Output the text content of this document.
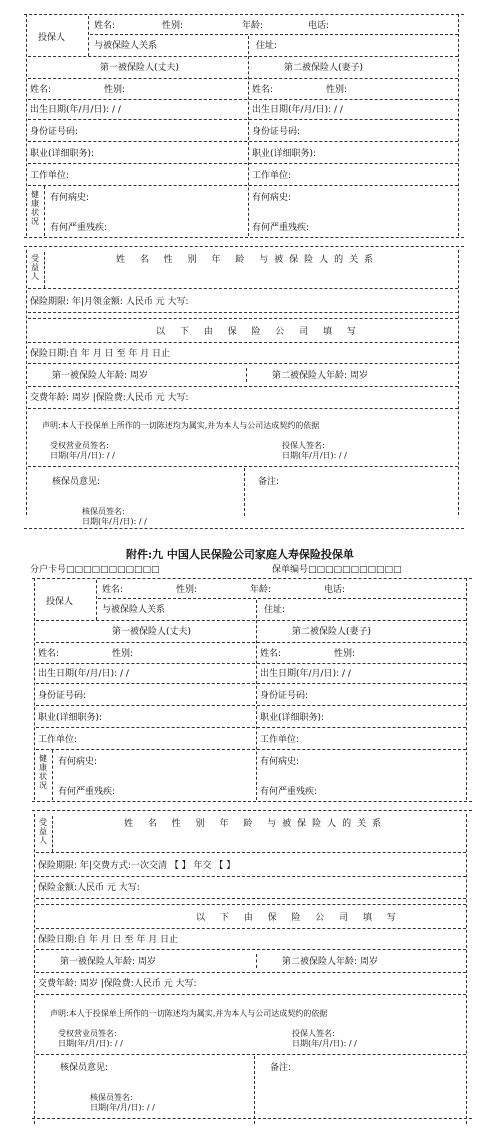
投保人
姓名:	性别:	年龄:	电话:
与被保险人关系	住址:
第一被保险人(丈夫)	第二被保险人(妻子)
姓名:	性别:	姓名:	性别:
出生日期(年/月/日): / /	出生日期(年/月/日): / /
身份证号码:	身份证号码:
职业(详细职务):	职业(详细职务):
工作单位:	工作单位:
健康状况
有何病史:	有何病史:
有何严重残疾:	有何严重残疾:
受益人
姓 名 性 别 年 龄 与被保险人的关系
保险期限: 年|月领金额: 人民币 元 大写:
以 下 由 保 险 公 司 填 写
保险日期:自 年 月 日 至 年 月 日止
第一被保险人年龄: 周岁	第二被保险人年龄: 周岁
交费年龄: 周岁 |保险费:人民币 元 大写:
声明:本人于投保单上所作的一切陈述均为属实,并为本人与公司达成契约的依据
受权营业员签名:
日期(年/月/日): / /
投保人签名:
日期(年/月/日): / /
核保员意见:	备注:
核保员签名:
日期(年/月/日): / /
附件:九 中国人民保险公司家庭人寿保险投保单
分户卡号□□□□□□□□□□□	保单编号□□□□□□□□□□□
投保人
姓名:	性别:	年龄:	电话:
与被保险人关系	住址:
第一被保险人(丈夫)	第二被保险人(妻子)
姓名:	性别:	姓名:	性别:
出生日期(年/月/日): / /	出生日期(年/月/日): / /
身份证号码:	身份证号码:
职业(详细职务):	职业(详细职务):
工作单位:	工作单位:
健康状况
有何病史:	有何病史:
有何严重残疾:	有何严重残疾:
受益人
姓 名 性 别 年 龄 与被保险人的关系
保险期限: 年|交费方式:一次交清 【 】 年交 【 】
保险金额:人民币 元 大写:
以 下 由 保 险 公 司 填 写
保险日期:自 年 月 日 至 年 月 日止
第一被保险人年龄: 周岁	第二被保险人年龄: 周岁
交费年龄: 周岁 |保险费:人民币 元 大写:
声明:本人于投保单上所作的一切陈述均为属实,并为本人与公司达成契约的依据
受权营业员签名:
日期(年/月/日): / /
投保人签名:
日期(年/月/日): / /
核保员意见:	备注:
核保员签名:
日期(年/月/日): / /
